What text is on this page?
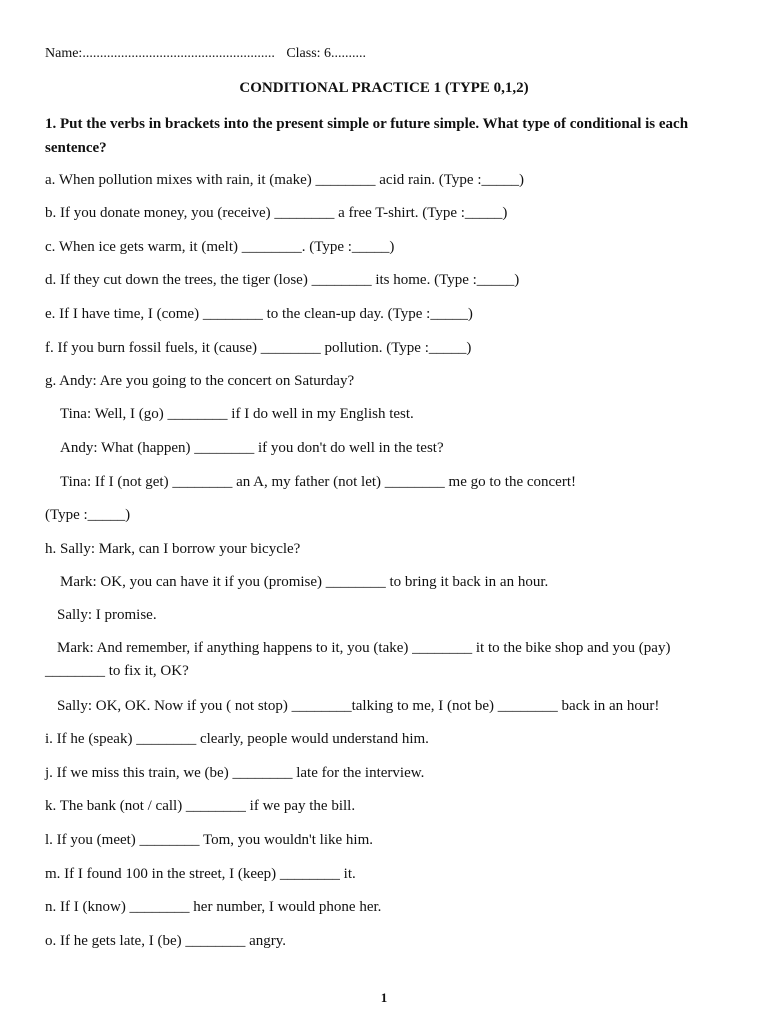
Name:....................................................... Class: 6..........
CONDITIONAL PRACTICE 1 (TYPE 0,1,2)
1. Put the verbs in brackets into the present simple or future simple. What type of conditional is each sentence?
a. When pollution mixes with rain, it (make) ________ acid rain. (Type :_____)
b. If you donate money, you (receive) ________ a free T-shirt. (Type :_____)
c. When ice gets warm, it (melt) ________. (Type :_____)
d. If they cut down the trees, the tiger (lose) ________ its home. (Type :_____)
e. If I have time, I (come) ________ to the clean-up day. (Type :_____)
f. If you burn fossil fuels, it (cause) ________ pollution. (Type :_____)
g. Andy: Are you going to the concert on Saturday?
Tina: Well, I (go) ________ if I do well in my English test.
Andy: What (happen) ________ if you don't do well in the test?
Tina: If I (not get) ________ an A, my father (not let) ________ me go to the concert!
(Type :_____)
h. Sally: Mark, can I borrow your bicycle?
Mark: OK, you can have it if you (promise) ________ to bring it back in an hour.
Sally: I promise.
Mark: And remember, if anything happens to it, you (take) ________ it to the bike shop and you (pay) ________ to fix it, OK?
Sally: OK, OK. Now if you ( not stop) ________talking to me, I (not be) ________ back in an hour!
i. If he (speak) ________ clearly, people would understand him.
j. If we miss this train, we (be) ________ late for the interview.
k. The bank (not / call) ________ if we pay the bill.
l. If you (meet) ________ Tom, you wouldn't like him.
m. If I found 100 in the street, I (keep) ________ it.
n. If I (know) ________ her number, I would phone her.
o. If he gets late, I (be) ________ angry.
1
